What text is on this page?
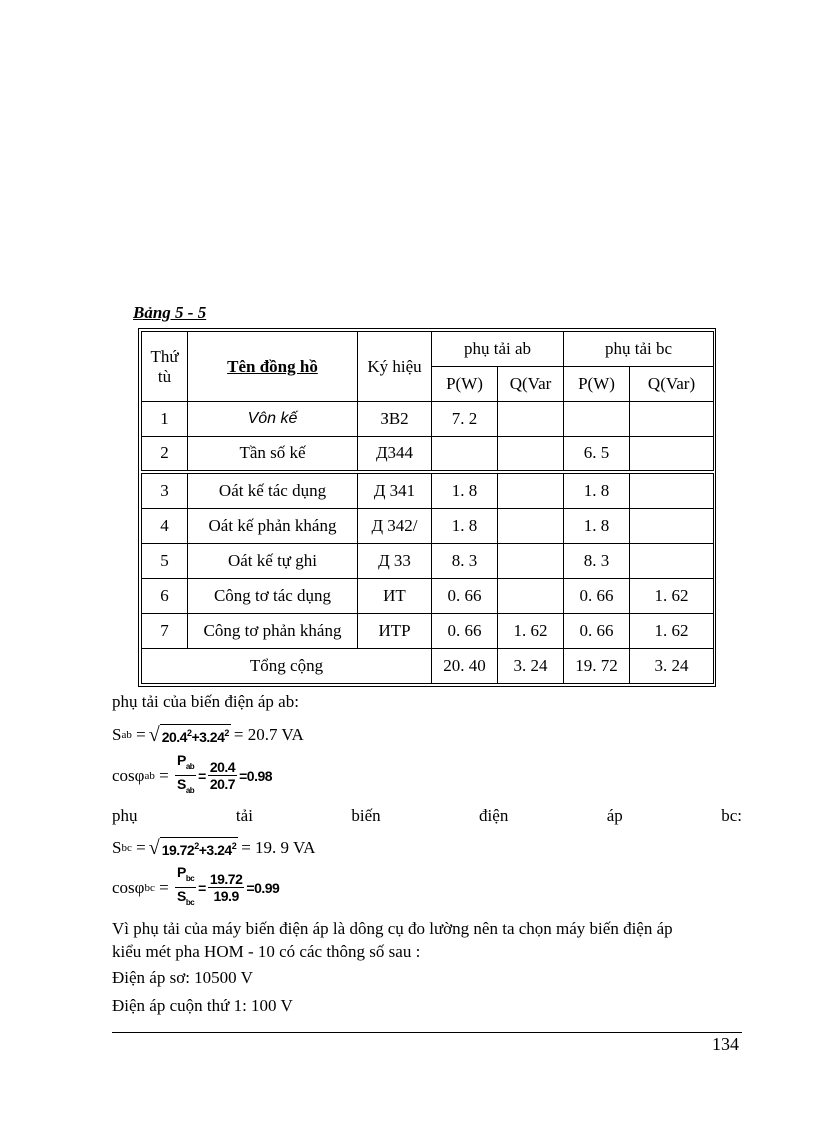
Bảng 5 - 5
Thứ
tù	Tên đồng hồ	Ký hiệu	phụ tải ab		phụ tải bc	
			P(W)	Q(Var	P(W)	Q(Var)
1	Vôn kế	ЗВ2	7. 2			
2	Tần số kế	Д344			6. 5	
3	Oát kế tác dụng	Д 341	1. 8		1. 8	
4	Oát kế phản kháng	Д 342/	1. 8		1. 8	
5	Oát kế tự ghi	Д 33	8. 3		8. 3	
6	Công tơ tác dụng	ИТ	0. 66		0. 66	1. 62
7	Công tơ phản kháng	ИТР	0. 66	1. 62	0. 66	1. 62
Tổng cộng			20. 40	3. 24	19. 72	3. 24
phụ tải của biến điện áp ab:
S ab = √ $20.4^2+3.24^2 = 20.7$ VA
cosφ ab = $\frac{P_{ab}}{S_{ab}} = \frac{20.4}{20.7} = 0.98$
phụ	tải	biến	điện	áp	bc:
S bc = √ $19.72^2+3.24^2 = 19$. 9 VA
cosφ bc = $\frac{P_{bc}}{S_{bc}} = \frac{19.72}{19.9} = 0.99$
Vì phụ tải của máy biến điện áp là dông cụ đo lường nên ta chọn máy biến điện áp
kiểu mét pha HOM - 10 có các thông số sau :
Điện áp sơ: 10500 V
Điện áp cuộn thứ 1: 100 V
134
